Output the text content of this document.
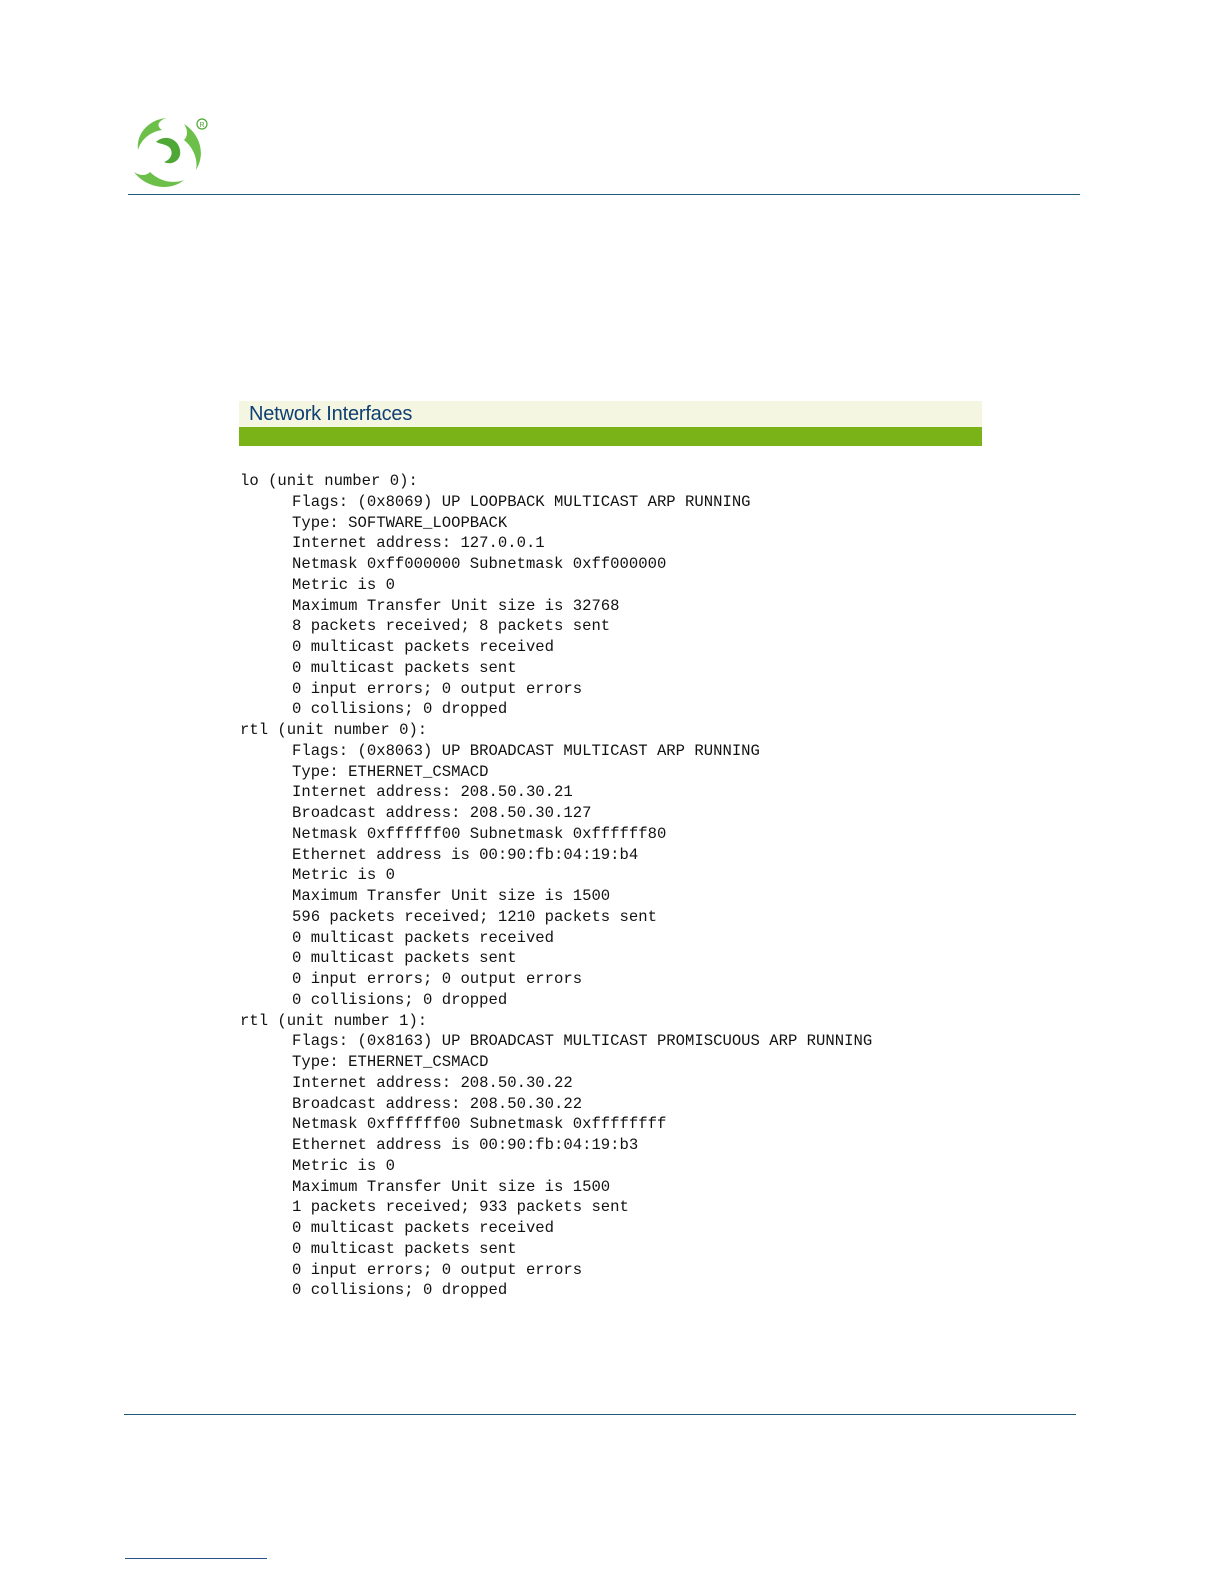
R
Network Interfaces
lo (unit number 0):
Flags: (0x8069) UP LOOPBACK MULTICAST ARP RUNNING
Type: SOFTWARE_LOOPBACK
Internet address: 127.0.0.1
Netmask 0xff000000 Subnetmask 0xff000000
Metric is 0
Maximum Transfer Unit size is 32768
8 packets received; 8 packets sent
0 multicast packets received
0 multicast packets sent
0 input errors; 0 output errors
0 collisions; 0 dropped
rtl (unit number 0):
Flags: (0x8063) UP BROADCAST MULTICAST ARP RUNNING
Type: ETHERNET_CSMACD
Internet address: 208.50.30.21
Broadcast address: 208.50.30.127
Netmask 0xffffff00 Subnetmask 0xffffff80
Ethernet address is 00:90:fb:04:19:b4
Metric is 0
Maximum Transfer Unit size is 1500
596 packets received; 1210 packets sent
0 multicast packets received
0 multicast packets sent
0 input errors; 0 output errors
0 collisions; 0 dropped
rtl (unit number 1):
Flags: (0x8163) UP BROADCAST MULTICAST PROMISCUOUS ARP RUNNING
Type: ETHERNET_CSMACD
Internet address: 208.50.30.22
Broadcast address: 208.50.30.22
Netmask 0xffffff00 Subnetmask 0xffffffff
Ethernet address is 00:90:fb:04:19:b3
Metric is 0
Maximum Transfer Unit size is 1500
1 packets received; 933 packets sent
0 multicast packets received
0 multicast packets sent
0 input errors; 0 output errors
0 collisions; 0 dropped
